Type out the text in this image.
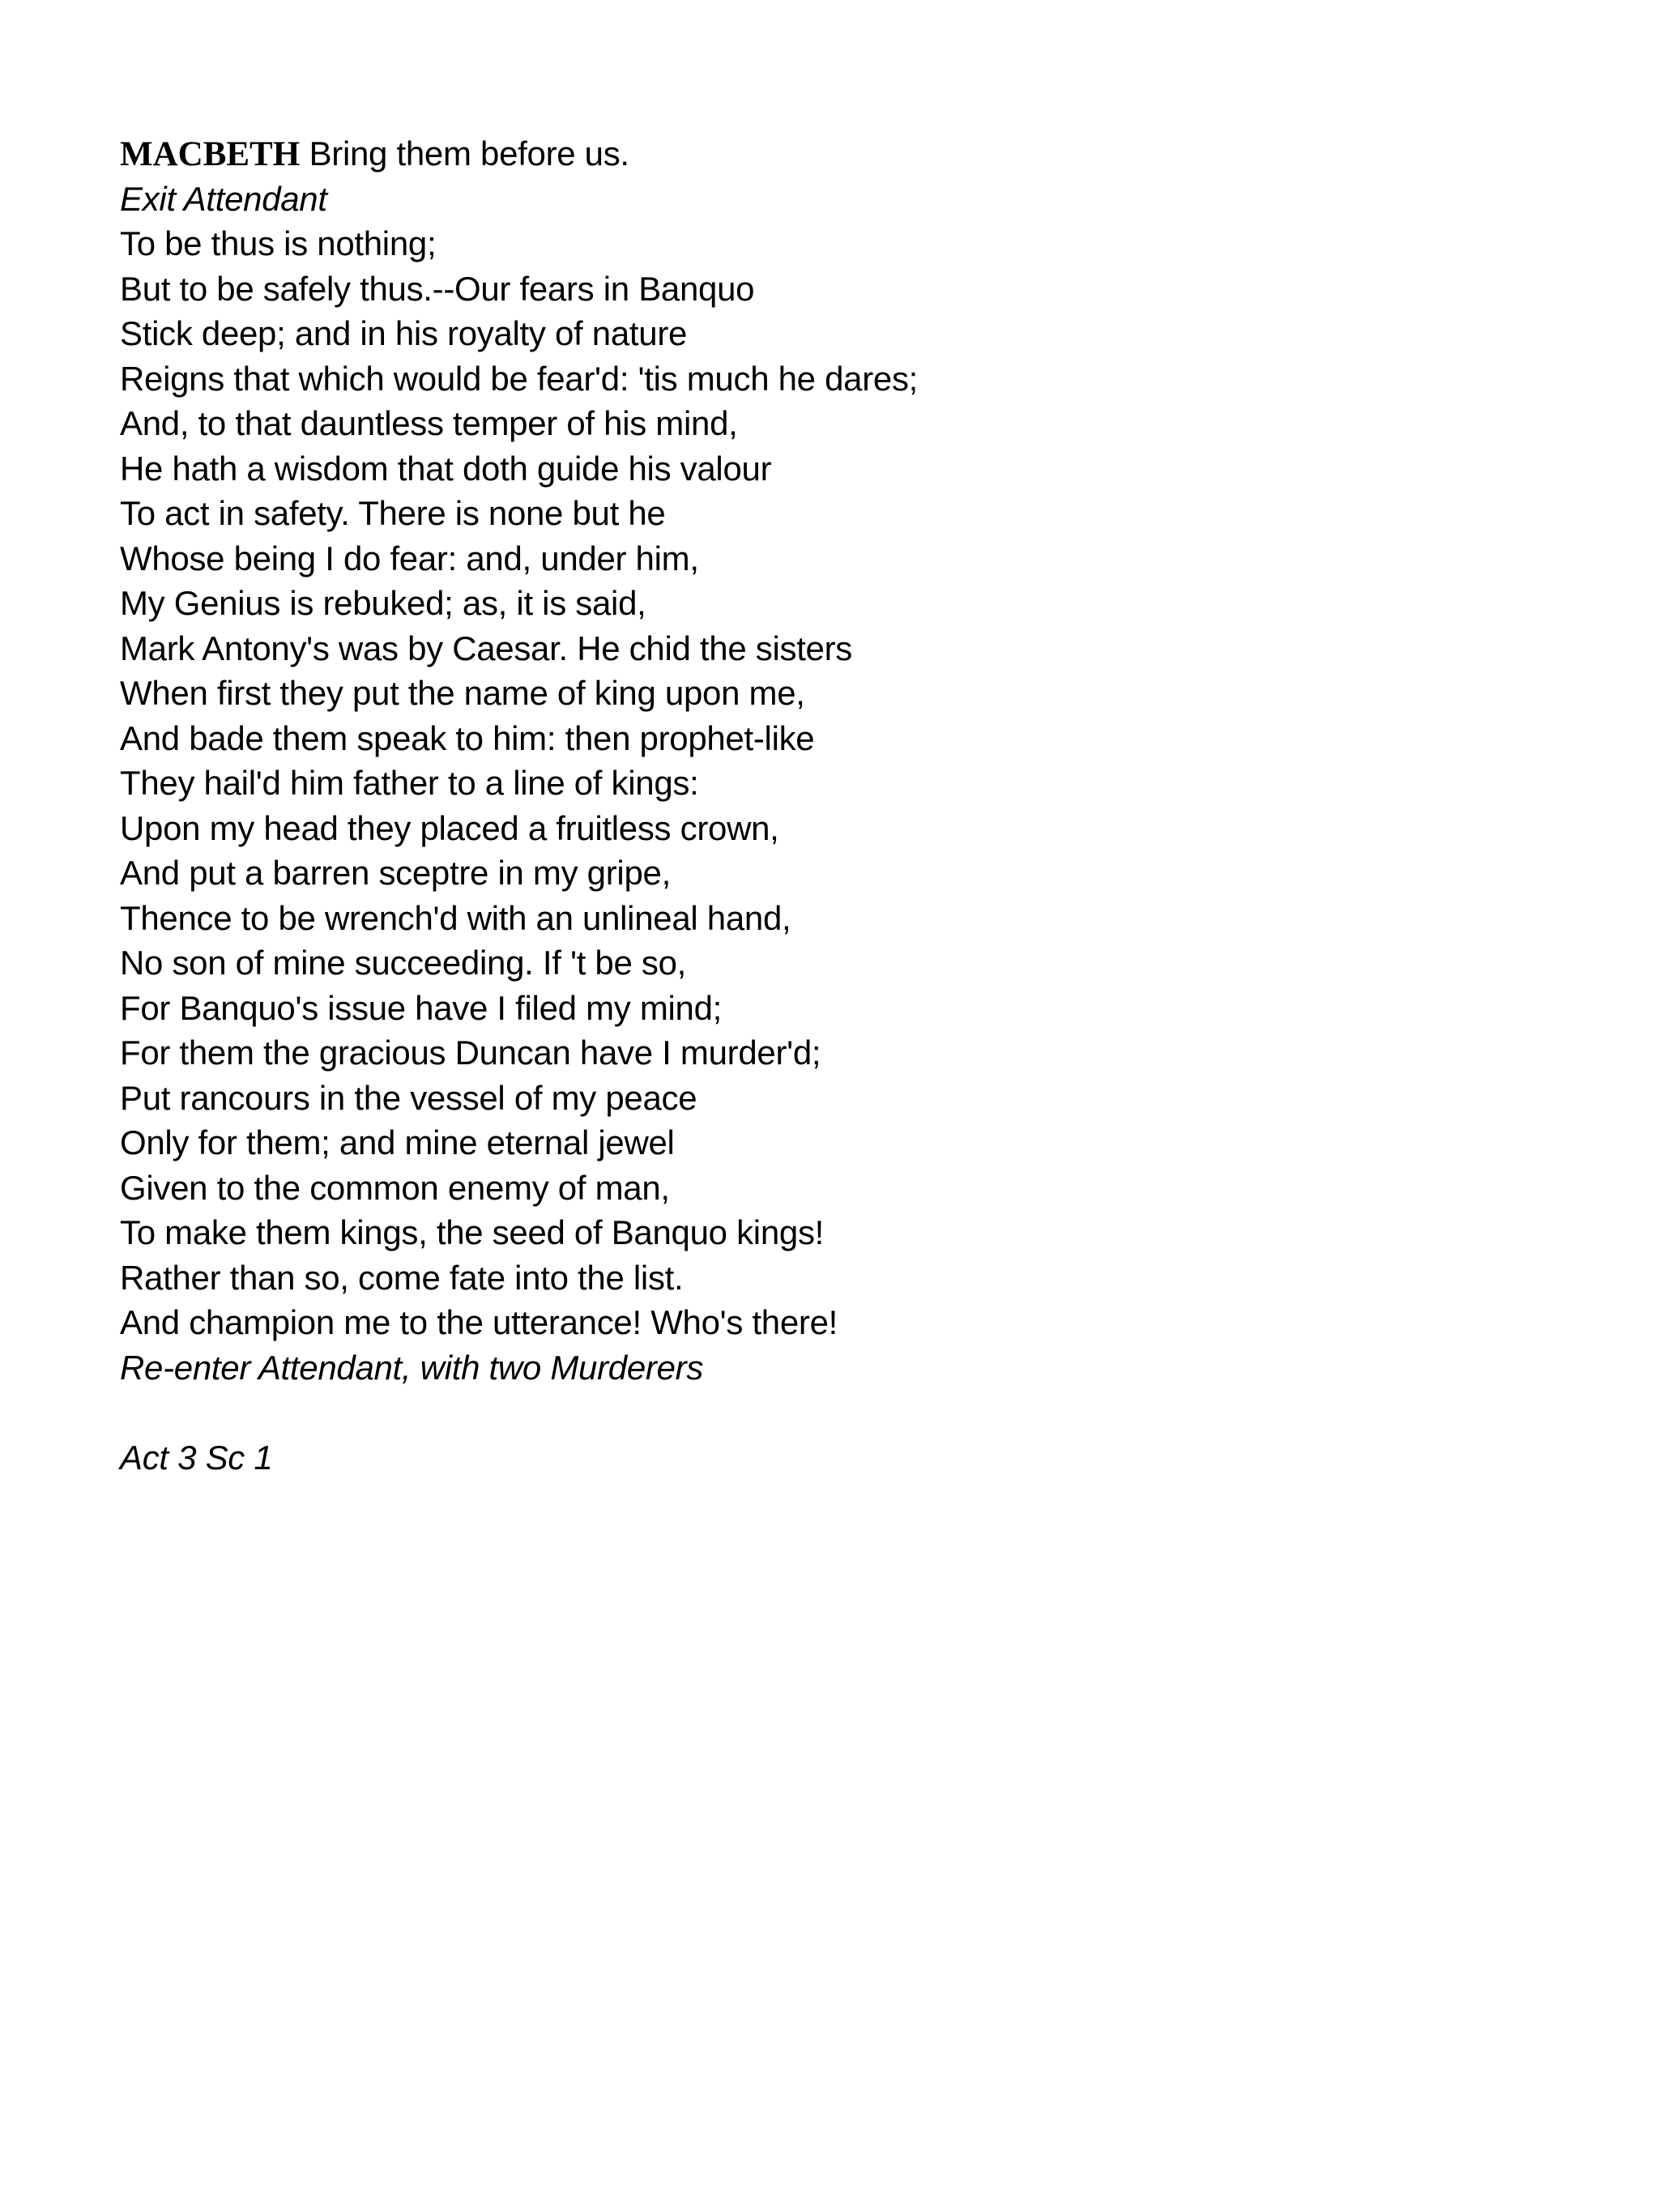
MACBETH Bring them before us.
Exit Attendant
To be thus is nothing;
But to be safely thus.--Our fears in Banquo
Stick deep; and in his royalty of nature
Reigns that which would be fear'd: 'tis much he dares;
And, to that dauntless temper of his mind,
He hath a wisdom that doth guide his valour
To act in safety. There is none but he
Whose being I do fear: and, under him,
My Genius is rebuked; as, it is said,
Mark Antony's was by Caesar. He chid the sisters
When first they put the name of king upon me,
And bade them speak to him: then prophet-like
They hail'd him father to a line of kings:
Upon my head they placed a fruitless crown,
And put a barren sceptre in my gripe,
Thence to be wrench'd with an unlineal hand,
No son of mine succeeding. If 't be so,
For Banquo's issue have I filed my mind;
For them the gracious Duncan have I murder'd;
Put rancours in the vessel of my peace
Only for them; and mine eternal jewel
Given to the common enemy of man,
To make them kings, the seed of Banquo kings!
Rather than so, come fate into the list.
And champion me to the utterance! Who's there!
Re-enter Attendant, with two Murderers
Act 3 Sc 1
